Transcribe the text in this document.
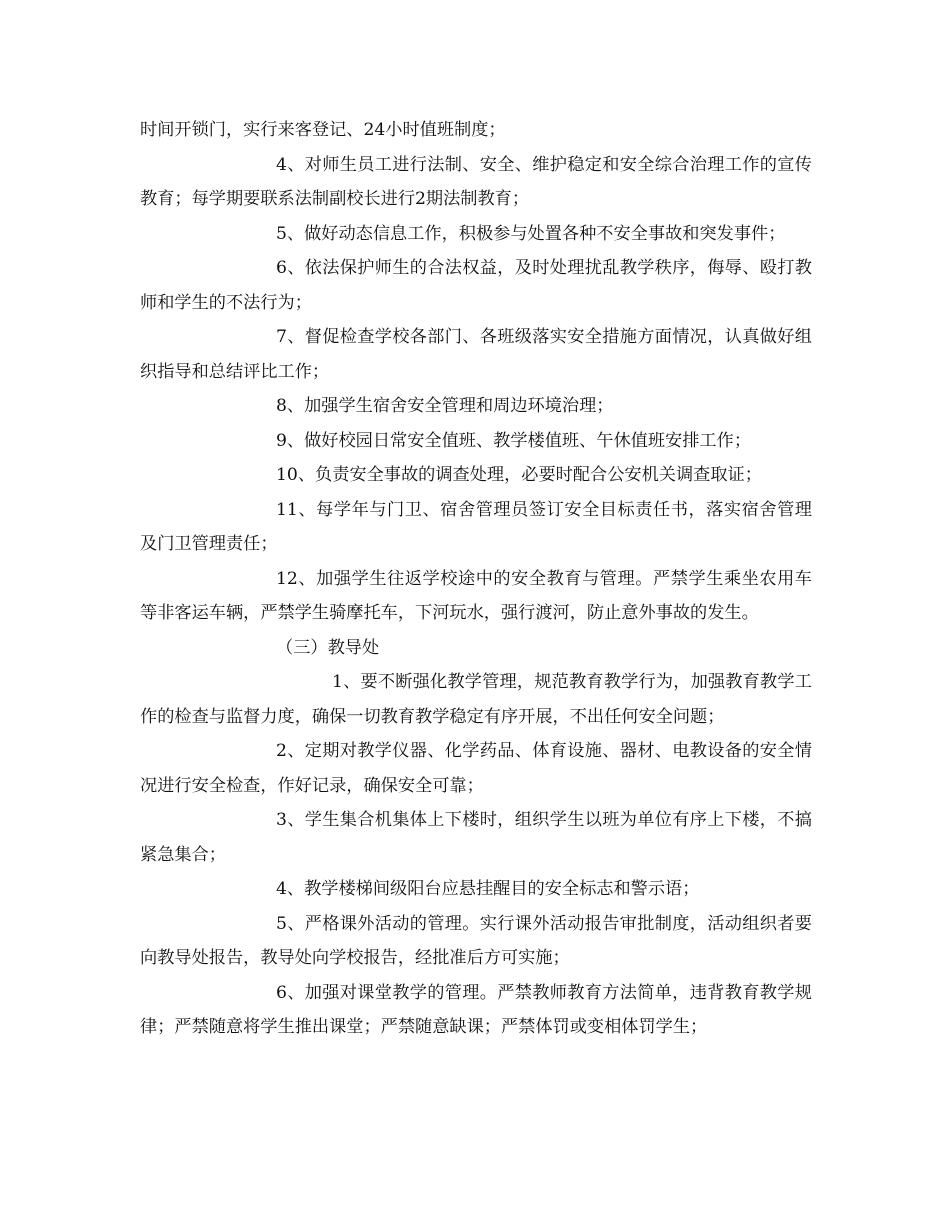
时间开锁门，实行来客登记、24小时值班制度；

4、对师生员工进行法制、安全、维护稳定和安全综合治理工作的宣传教育；每学期要联系法制副校长进行2期法制教育；

5、做好动态信息工作，积极参与处置各种不安全事故和突发事件；

6、依法保护师生的合法权益，及时处理扰乱教学秩序，侮辱、殴打教师和学生的不法行为；

7、督促检查学校各部门、各班级落实安全措施方面情况，认真做好组织指导和总结评比工作；

8、加强学生宿舍安全管理和周边环境治理；

9、做好校园日常安全值班、教学楼值班、午休值班安排工作；

10、负责安全事故的调查处理，必要时配合公安机关调查取证；

11、每学年与门卫、宿舍管理员签订安全目标责任书，落实宿舍管理及门卫管理责任；

12、加强学生往返学校途中的安全教育与管理。严禁学生乘坐农用车等非客运车辆，严禁学生骑摩托车，下河玩水，强行渡河，防止意外事故的发生。

（三）教导处

1、要不断强化教学管理，规范教育教学行为，加强教育教学工作的检查与监督力度，确保一切教育教学稳定有序开展，不出任何安全问题；

2、定期对教学仪器、化学药品、体育设施、器材、电教设备的安全情况进行安全检查，作好记录，确保安全可靠；

3、学生集合机集体上下楼时，组织学生以班为单位有序上下楼，不搞紧急集合；

4、教学楼梯间级阳台应悬挂醒目的安全标志和警示语；

5、严格课外活动的管理。实行课外活动报告审批制度，活动组织者要向教导处报告，教导处向学校报告，经批准后方可实施；

6、加强对课堂教学的管理。严禁教师教育方法简单，违背教育教学规律；严禁随意将学生推出课堂；严禁随意缺课；严禁体罚或变相体罚学生；
